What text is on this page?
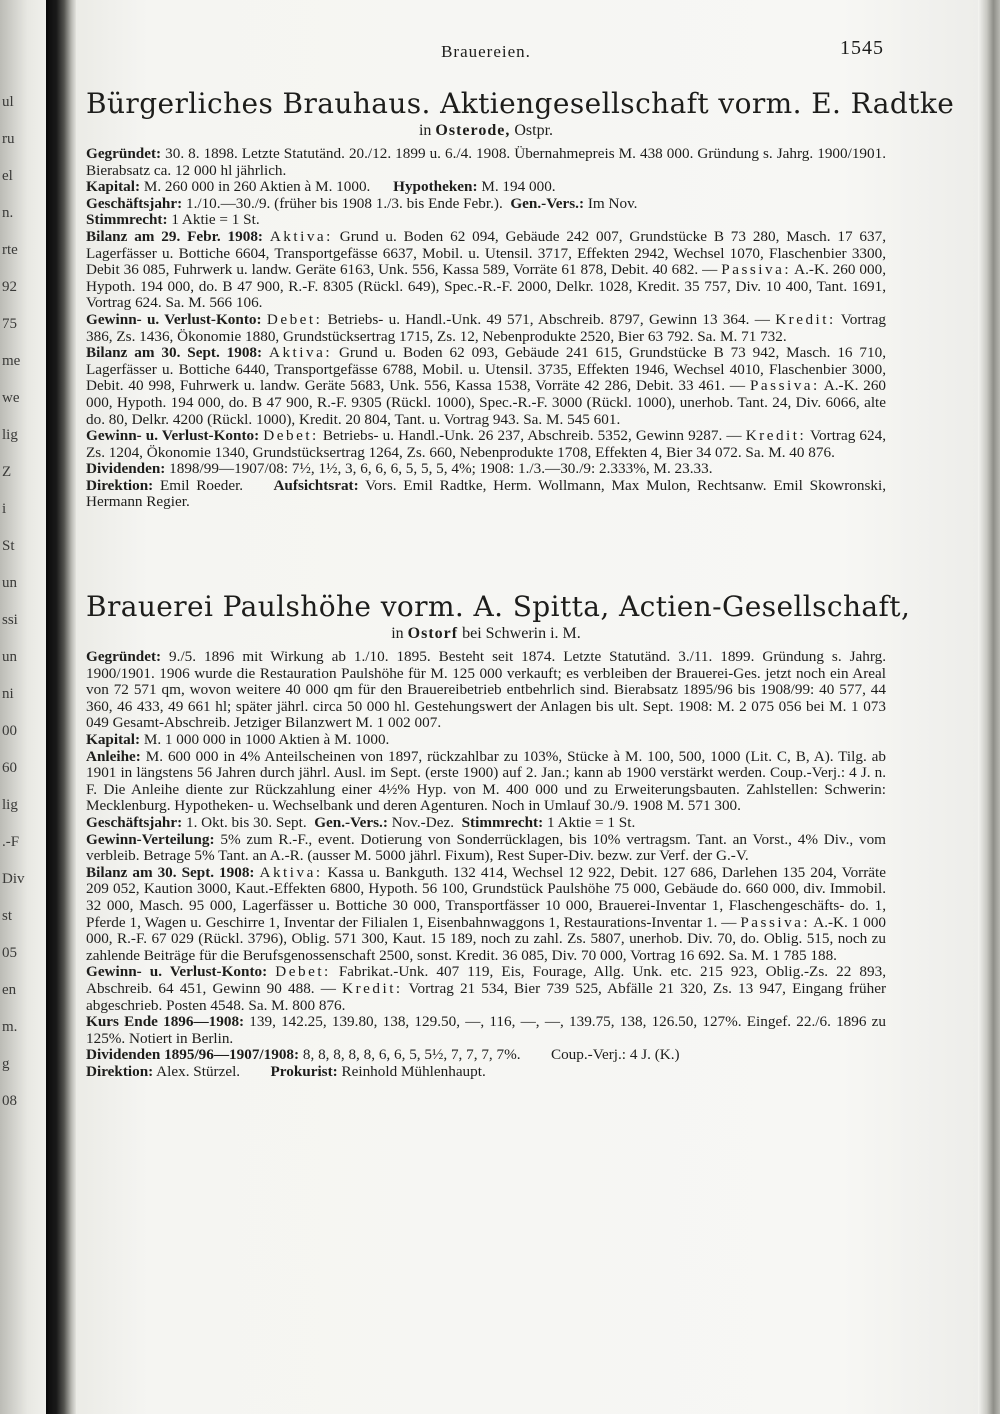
ul
ru
el
n.
rte
92
75
me
we
lig
Z
i
St
un
ssi
un
ni
00
60
lig
.-F
Div
st
05
en
m.
g
08
Brauereien.	1545
Bürgerliches Brauhaus. Aktiengesellschaft vorm. E. Radtke
in Osterode, Ostpr.

Gegründet: 30. 8. 1898. Letzte Statutänd. 20./12. 1899 u. 6./4. 1908. Übernahmepreis M. 438 000. Gründung s. Jahrg. 1900/1901. Bierabsatz ca. 12 000 hl jährlich.

Kapital: M. 260 000 in 260 Aktien à M. 1000.   Hypotheken: M. 194 000.

Geschäftsjahr: 1./10.—30./9. (früher bis 1908 1./3. bis Ende Febr.).  Gen.-Vers.: Im Nov.

Stimmrecht: 1 Aktie = 1 St.

Bilanz am 29. Febr. 1908: Aktiva: Grund u. Boden 62 094, Gebäude 242 007, Grundstücke B 73 280, Masch. 17 637, Lagerfässer u. Bottiche 6604, Transportgefässe 6637, Mobil. u. Utensil. 3717, Effekten 2942, Wechsel 1070, Flaschenbier 3300, Debit 36 085, Fuhrwerk u. landw. Geräte 6163, Unk. 556, Kassa 589, Vorräte 61 878, Debit. 40 682. — Passiva: A.-K. 260 000, Hypoth. 194 000, do. B 47 900, R.-F. 8305 (Rückl. 649), Spec.-R.-F. 2000, Delkr. 1028, Kredit. 35 757, Div. 10 400, Tant. 1691, Vortrag 624. Sa. M. 566 106.

Gewinn- u. Verlust-Konto: Debet: Betriebs- u. Handl.-Unk. 49 571, Abschreib. 8797, Gewinn 13 364. — Kredit: Vortrag 386, Zs. 1436, Ökonomie 1880, Grundstücksertrag 1715, Zs. 12, Nebenprodukte 2520, Bier 63 792. Sa. M. 71 732.

Bilanz am 30. Sept. 1908: Aktiva: Grund u. Boden 62 093, Gebäude 241 615, Grundstücke B 73 942, Masch. 16 710, Lagerfässer u. Bottiche 6440, Transportgefässe 6788, Mobil. u. Utensil. 3735, Effekten 1946, Wechsel 4010, Flaschenbier 3000, Debit. 40 998, Fuhrwerk u. landw. Geräte 5683, Unk. 556, Kassa 1538, Vorräte 42 286, Debit. 33 461. — Passiva: A.-K. 260 000, Hypoth. 194 000, do. B 47 900, R.-F. 9305 (Rückl. 1000), Spec.-R.-F. 3000 (Rückl. 1000), unerhob. Tant. 24, Div. 6066, alte do. 80, Delkr. 4200 (Rückl. 1000), Kredit. 20 804, Tant. u. Vortrag 943. Sa. M. 545 601.

Gewinn- u. Verlust-Konto: Debet: Betriebs- u. Handl.-Unk. 26 237, Abschreib. 5352, Gewinn 9287. — Kredit: Vortrag 624, Zs. 1204, Ökonomie 1340, Grundstücksertrag 1264, Zs. 660, Nebenprodukte 1708, Effekten 4, Bier 34 072. Sa. M. 40 876.

Dividenden: 1898/99—1907/08: 7½, 1½, 3, 6, 6, 6, 5, 5, 5, 4%; 1908: 1./3.—30./9: 2.333%, M. 23.33.

Direktion: Emil Roeder.   Aufsichtsrat: Vors. Emil Radtke, Herm. Wollmann, Max Mulon, Rechtsanw. Emil Skowronski, Hermann Regier.

Brauerei Paulshöhe vorm. A. Spitta, Actien-Gesellschaft,
in Ostorf bei Schwerin i. M.

Gegründet: 9./5. 1896 mit Wirkung ab 1./10. 1895. Besteht seit 1874. Letzte Statutänd. 3./11. 1899. Gründung s. Jahrg. 1900/1901. 1906 wurde die Restauration Paulshöhe für M. 125 000 verkauft; es verbleiben der Brauerei-Ges. jetzt noch ein Areal von 72 571 qm, wovon weitere 40 000 qm für den Brauereibetrieb entbehrlich sind. Bierabsatz 1895/96 bis 1908/99: 40 577, 44 360, 46 433, 49 661 hl; später jährl. circa 50 000 hl. Gestehungswert der Anlagen bis ult. Sept. 1908: M. 2 075 056 bei M. 1 073 049 Gesamt-Abschreib. Jetziger Bilanzwert M. 1 002 007.

Kapital: M. 1 000 000 in 1000 Aktien à M. 1000.

Anleihe: M. 600 000 in 4% Anteilscheinen von 1897, rückzahlbar zu 103%, Stücke à M. 100, 500, 1000 (Lit. C, B, A). Tilg. ab 1901 in längstens 56 Jahren durch jährl. Ausl. im Sept. (erste 1900) auf 2. Jan.; kann ab 1900 verstärkt werden. Coup.-Verj.: 4 J. n. F. Die Anleihe diente zur Rückzahlung einer 4½% Hyp. von M. 400 000 und zu Erweiterungsbauten. Zahlstellen: Schwerin: Mecklenburg. Hypotheken- u. Wechselbank und deren Agenturen. Noch in Umlauf 30./9. 1908 M. 571 300.

Geschäftsjahr: 1. Okt. bis 30. Sept.  Gen.-Vers.: Nov.-Dez.  Stimmrecht: 1 Aktie = 1 St.

Gewinn-Verteilung: 5% zum R.-F., event. Dotierung von Sonderrücklagen, bis 10% vertragsm. Tant. an Vorst., 4% Div., vom verbleib. Betrage 5% Tant. an A.-R. (ausser M. 5000 jährl. Fixum), Rest Super-Div. bezw. zur Verf. der G.-V.

Bilanz am 30. Sept. 1908: Aktiva: Kassa u. Bankguth. 132 414, Wechsel 12 922, Debit. 127 686, Darlehen 135 204, Vorräte 209 052, Kaution 3000, Kaut.-Effekten 6800, Hypoth. 56 100, Grundstück Paulshöhe 75 000, Gebäude do. 660 000, div. Immobil. 32 000, Masch. 95 000, Lagerfässer u. Bottiche 30 000, Transportfässer 10 000, Brauerei-Inventar 1, Flaschengeschäfts- do. 1, Pferde 1, Wagen u. Geschirre 1, Inventar der Filialen 1, Eisenbahnwaggons 1, Restaurations-Inventar 1. — Passiva: A.-K. 1 000 000, R.-F. 67 029 (Rückl. 3796), Oblig. 571 300, Kaut. 15 189, noch zu zahl. Zs. 5807, unerhob. Div. 70, do. Oblig. 515, noch zu zahlende Beiträge für die Berufsgenossenschaft 2500, sonst. Kredit. 36 085, Div. 70 000, Vortrag 16 692. Sa. M. 1 785 188.

Gewinn- u. Verlust-Konto: Debet: Fabrikat.-Unk. 407 119, Eis, Fourage, Allg. Unk. etc. 215 923, Oblig.-Zs. 22 893, Abschreib. 64 451, Gewinn 90 488. — Kredit: Vortrag 21 534, Bier 739 525, Abfälle 21 320, Zs. 13 947, Eingang früher abgeschrieb. Posten 4548. Sa. M. 800 876.

Kurs Ende 1896—1908: 139, 142.25, 139.80, 138, 129.50, —, 116, —, —, 139.75, 138, 126.50, 127%. Eingef. 22./6. 1896 zu 125%. Notiert in Berlin.

Dividenden 1895/96—1907/1908: 8, 8, 8, 8, 8, 6, 6, 5, 5½, 7, 7, 7, 7%.   Coup.-Verj.: 4 J. (K.)

Direktion: Alex. Stürzel.   Prokurist: Reinhold Mühlenhaupt.
